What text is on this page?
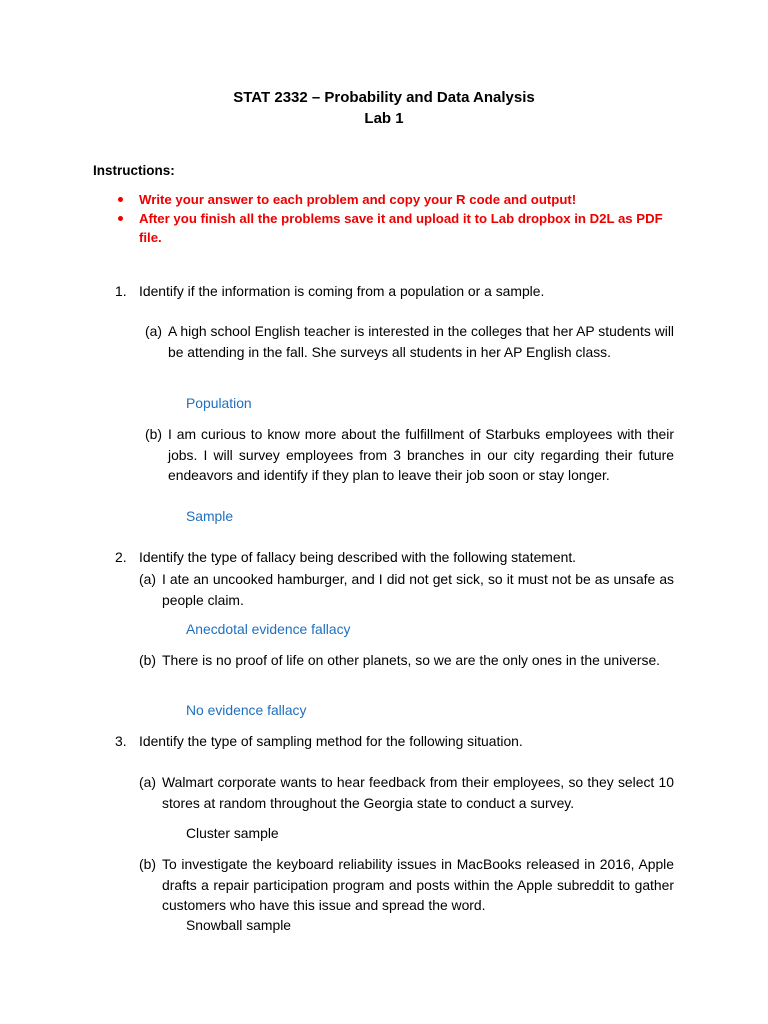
STAT 2332 – Probability and Data Analysis
Lab 1
Instructions:
Write your answer to each problem and copy your R code and output!
After you finish all the problems save it and upload it to Lab dropbox in D2L as PDF file.
1. Identify if the information is coming from a population or a sample.
(a) A high school English teacher is interested in the colleges that her AP students will be attending in the fall. She surveys all students in her AP English class.
Population
(b) I am curious to know more about the fulfillment of Starbuks employees with their jobs. I will survey employees from 3 branches in our city regarding their future endeavors and identify if they plan to leave their job soon or stay longer.
Sample
2. Identify the type of fallacy being described with the following statement.
(a) I ate an uncooked hamburger, and I did not get sick, so it must not be as unsafe as people claim.
Anecdotal evidence fallacy
(b) There is no proof of life on other planets, so we are the only ones in the universe.
No evidence fallacy
3. Identify the type of sampling method for the following situation.
(a) Walmart corporate wants to hear feedback from their employees, so they select 10 stores at random throughout the Georgia state to conduct a survey.
Cluster sample
(b) To investigate the keyboard reliability issues in MacBooks released in 2016, Apple drafts a repair participation program and posts within the Apple subreddit to gather customers who have this issue and spread the word.
Snowball sample
